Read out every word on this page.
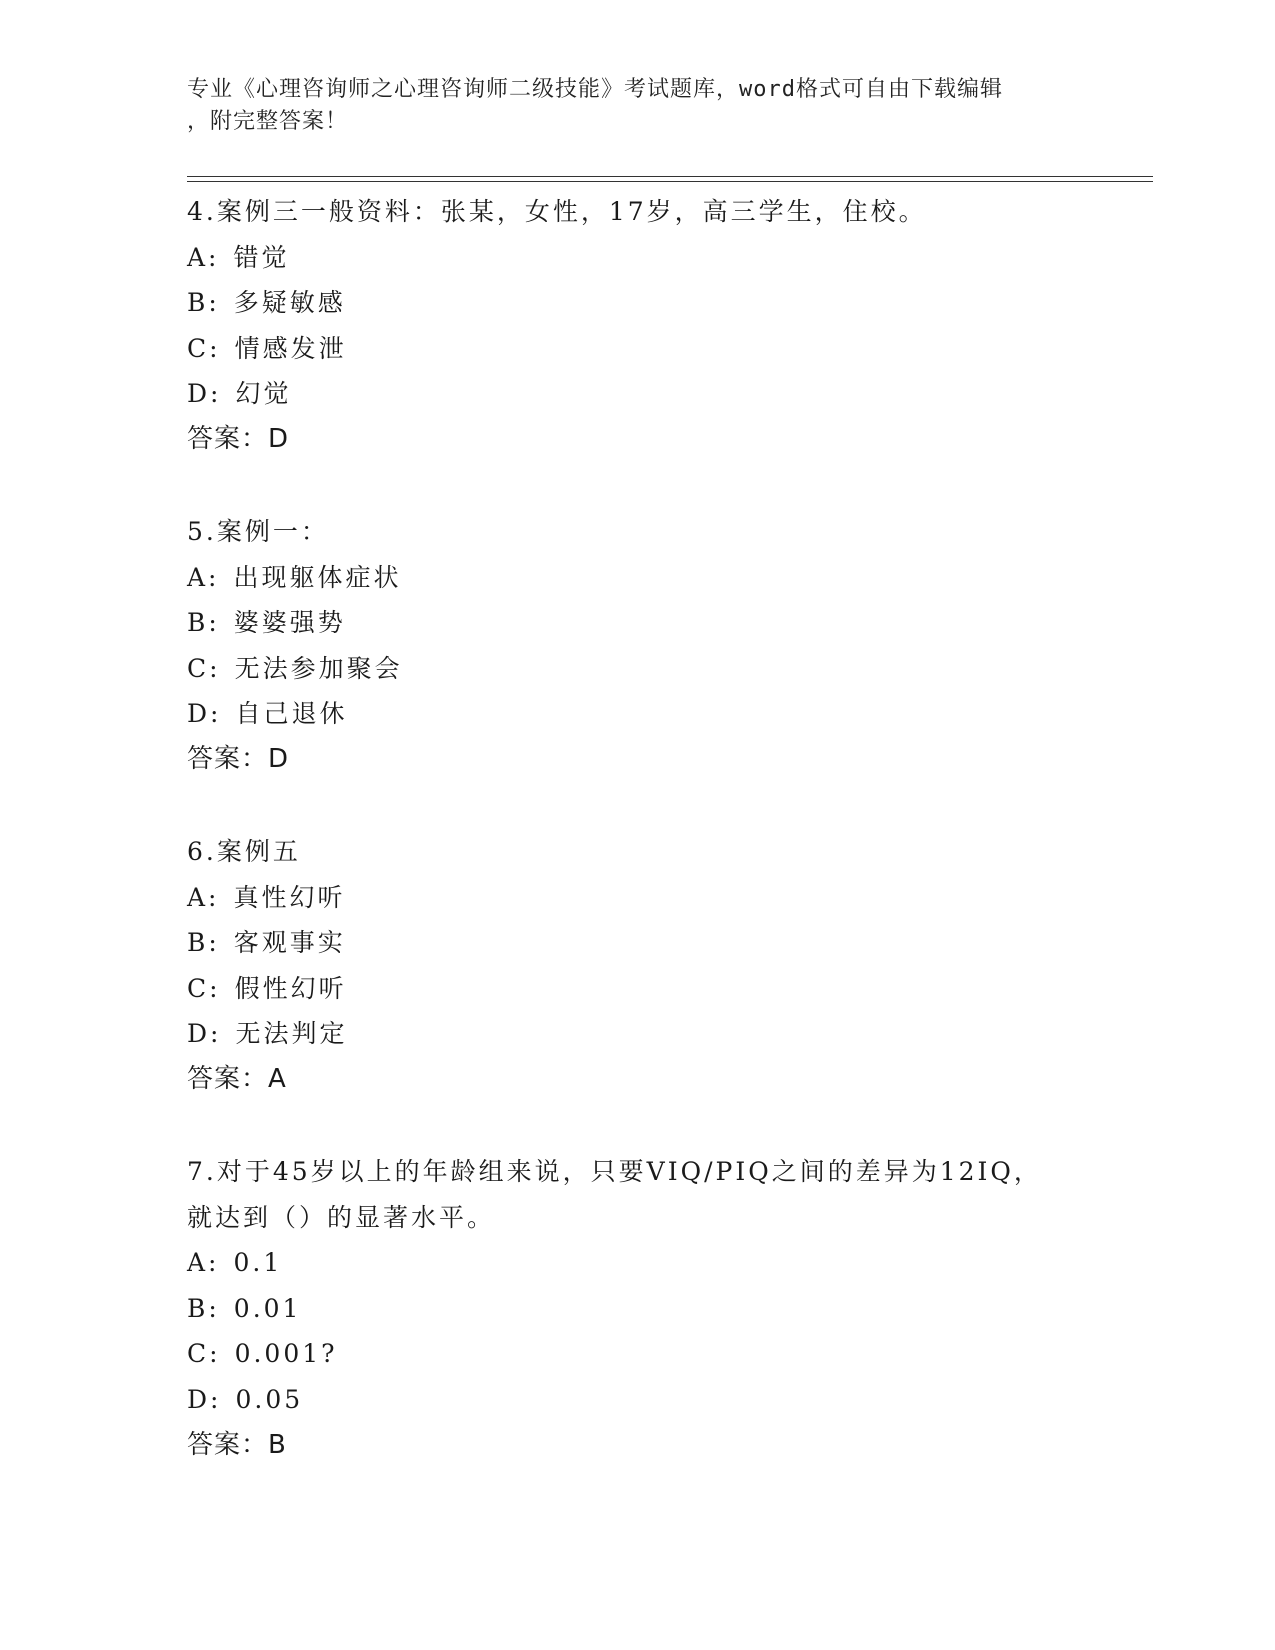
专业《心理咨询师之心理咨询师二级技能》考试题库，word格式可自由下载编辑
，附完整答案！
4.案例三一般资料：张某，女性，17岁，高三学生，住校。
A: 错觉
B: 多疑敏感
C: 情感发泄
D: 幻觉
答案：D
5.案例一：
A: 出现躯体症状
B: 婆婆强势
C: 无法参加聚会
D: 自己退休
答案：D
6.案例五
A: 真性幻听
B: 客观事实
C: 假性幻听
D: 无法判定
答案：A
7.对于45岁以上的年龄组来说，只要VIQ/PIQ之间的差异为12IQ，
就达到（）的显著水平。
A: 0.1
B: 0.01
C: 0.001?
D: 0.05
答案：B
